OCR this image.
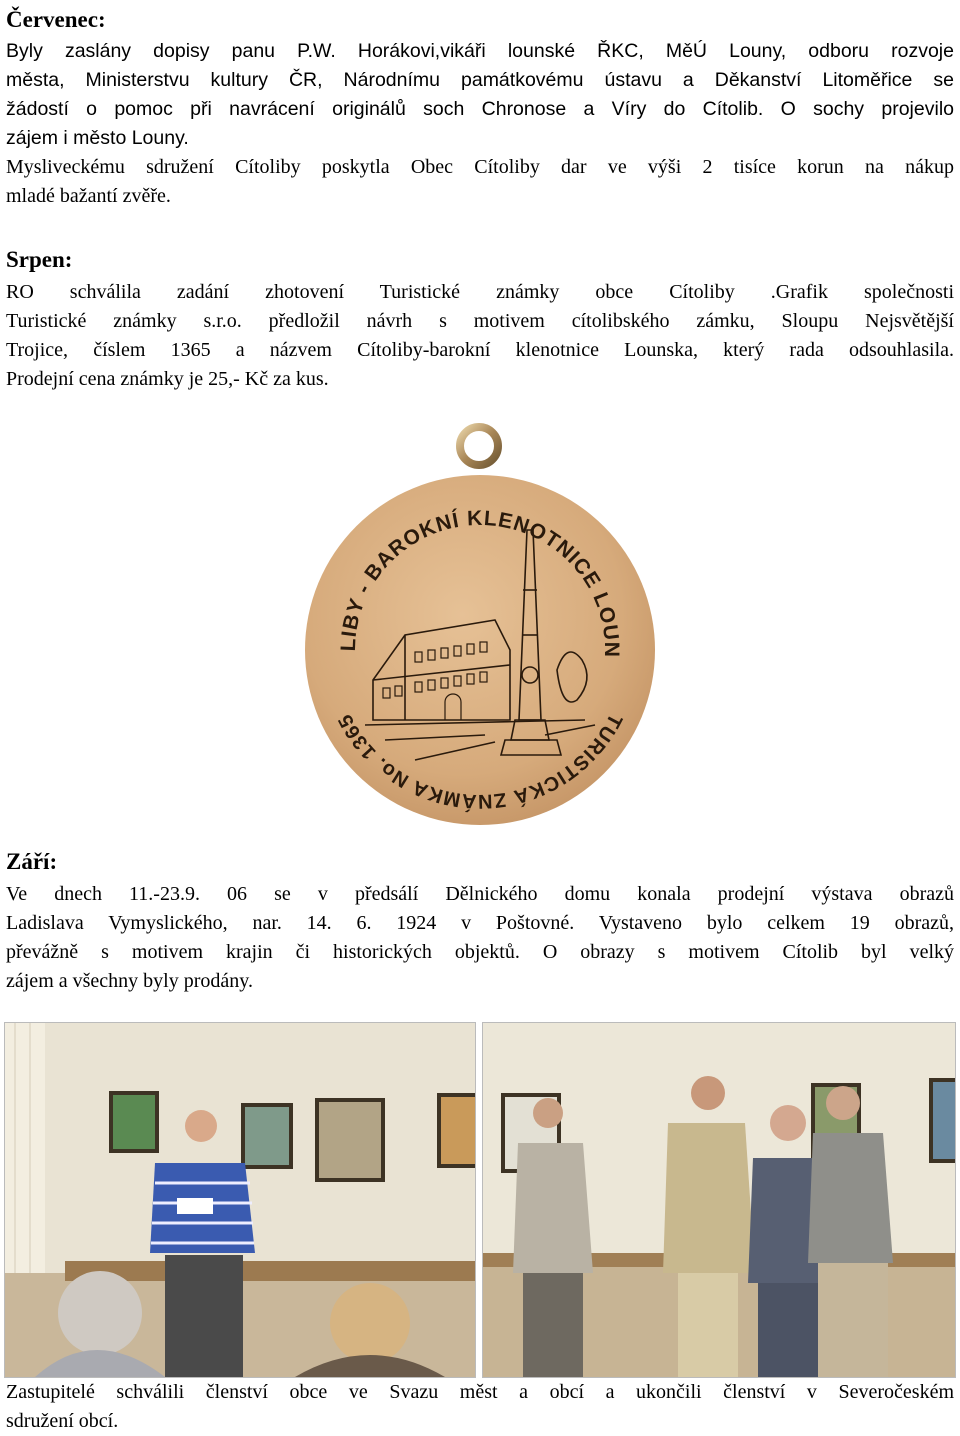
Červenec:

Byly zaslány dopisy panu P.W. Horákovi,vikáři lounské ŘKC, MěÚ Louny, odboru rozvoje
města, Ministerstvu kultury ČR, Národnímu památkovému ústavu a Děkanství Litoměřice se
žádostí o pomoc při navrácení originálů soch Chronose a Víry do Cítolib. O sochy projevilo
zájem i město Louny.

Mysliveckému sdružení Cítoliby poskytla Obec Cítoliby dar ve výši 2 tisíce korun na nákup
mladé bažantí zvěře.

Srpen:

RO schválila zadání zhotovení Turistické známky obce Cítoliby .Grafik společnosti
Turistické známky s.r.o. předložil návrh s motivem cítolibského zámku, Sloupu Nejsvětější
Trojice, číslem 1365 a názvem Cítoliby-barokní klenotnice Lounska, který rada odsouhlasila.
Prodejní cena známky je 25,- Kč za kus.

LIBY - BAROKNÍ KLENOTNICE LOUN
TURISTICKÁ ZNÁMKA No. 1365
Září:

Ve dnech 11.-23.9. 06 se v předsálí Dělnického domu konala prodejní výstava obrazů
Ladislava Vymyslického, nar. 14. 6. 1924 v Poštovné. Vystaveno bylo celkem 19 obrazů,
převážně s motivem krajin či historických objektů. O obrazy s motivem Cítolib byl velký
zájem a všechny byly prodány.

Zastupitelé schválili členství obce ve Svazu měst a obcí a ukončili členství v Severočeském
sdružení obcí.
